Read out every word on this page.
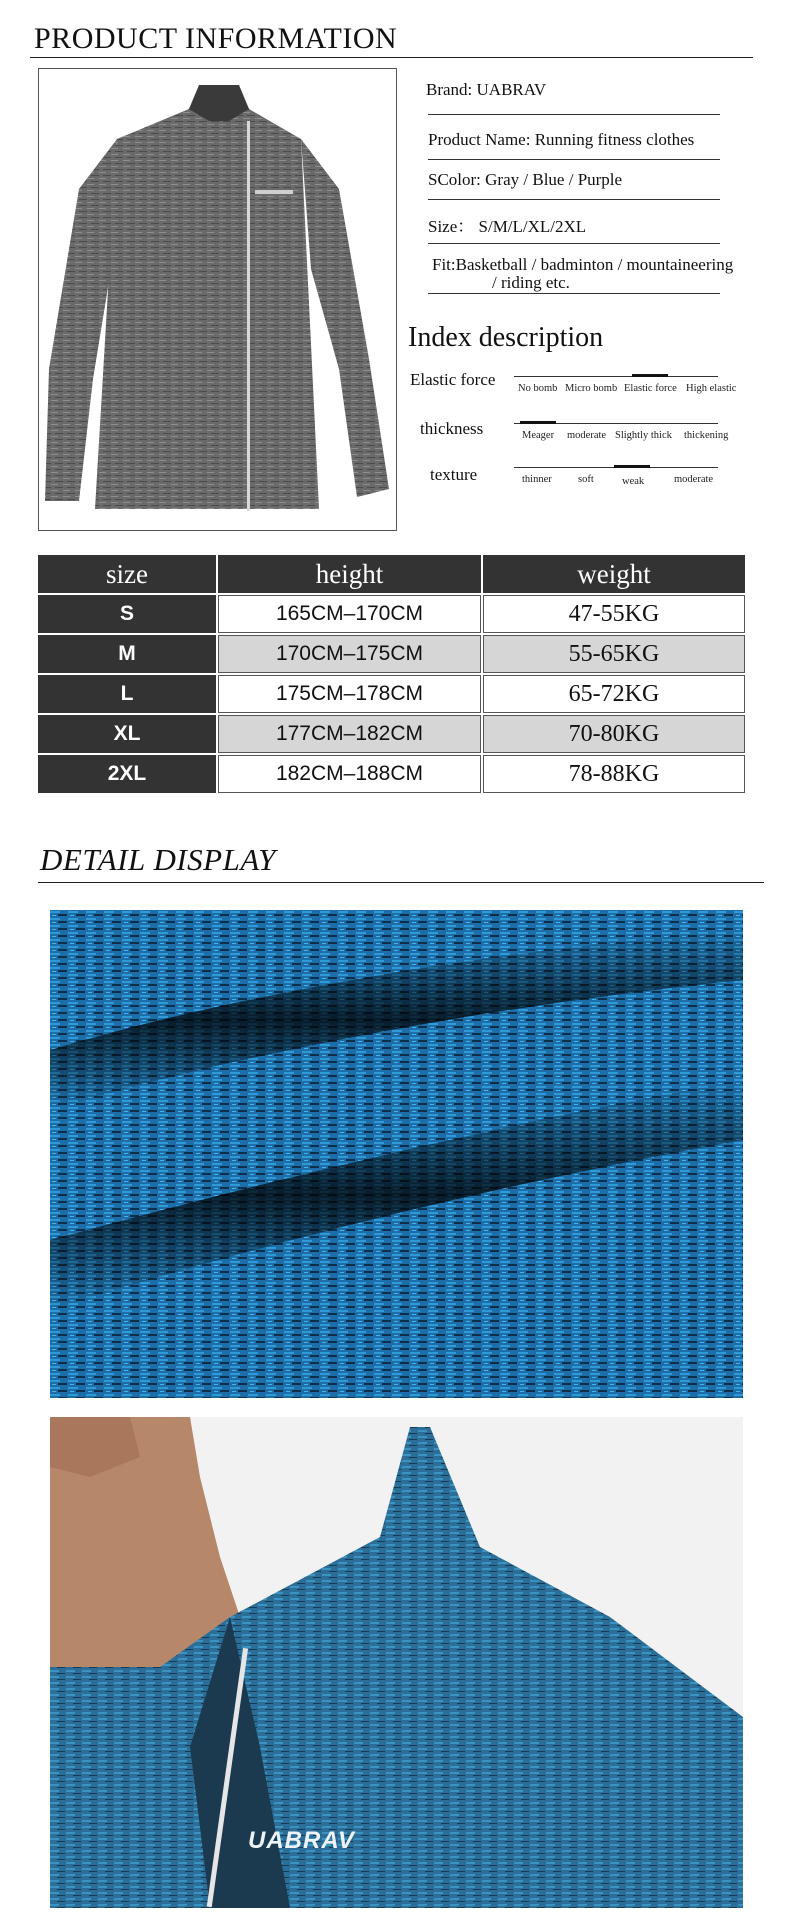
PRODUCT INFORMATION
Brand: UABRAV
Product Name: Running fitness clothes
SColor: Gray / Blue / Purple
Size： S/M/L/XL/2XL
Fit:Basketball / badminton / mountaineering
/ riding etc.
Index description
Elastic force No bomb Micro bomb Elastic force High elastic
thickness	Meager moderate Slightly thick thickening
texture	thinner	soft	weak	moderate
size	height	weight
S	165CM–170CM	47-55KG
M	170CM–175CM	55-65KG
L	175CM–178CM	65-72KG
XL	177CM–182CM	70-80KG
2XL	182CM–188CM	78-88KG
DETAIL DISPLAY
UABRAV
